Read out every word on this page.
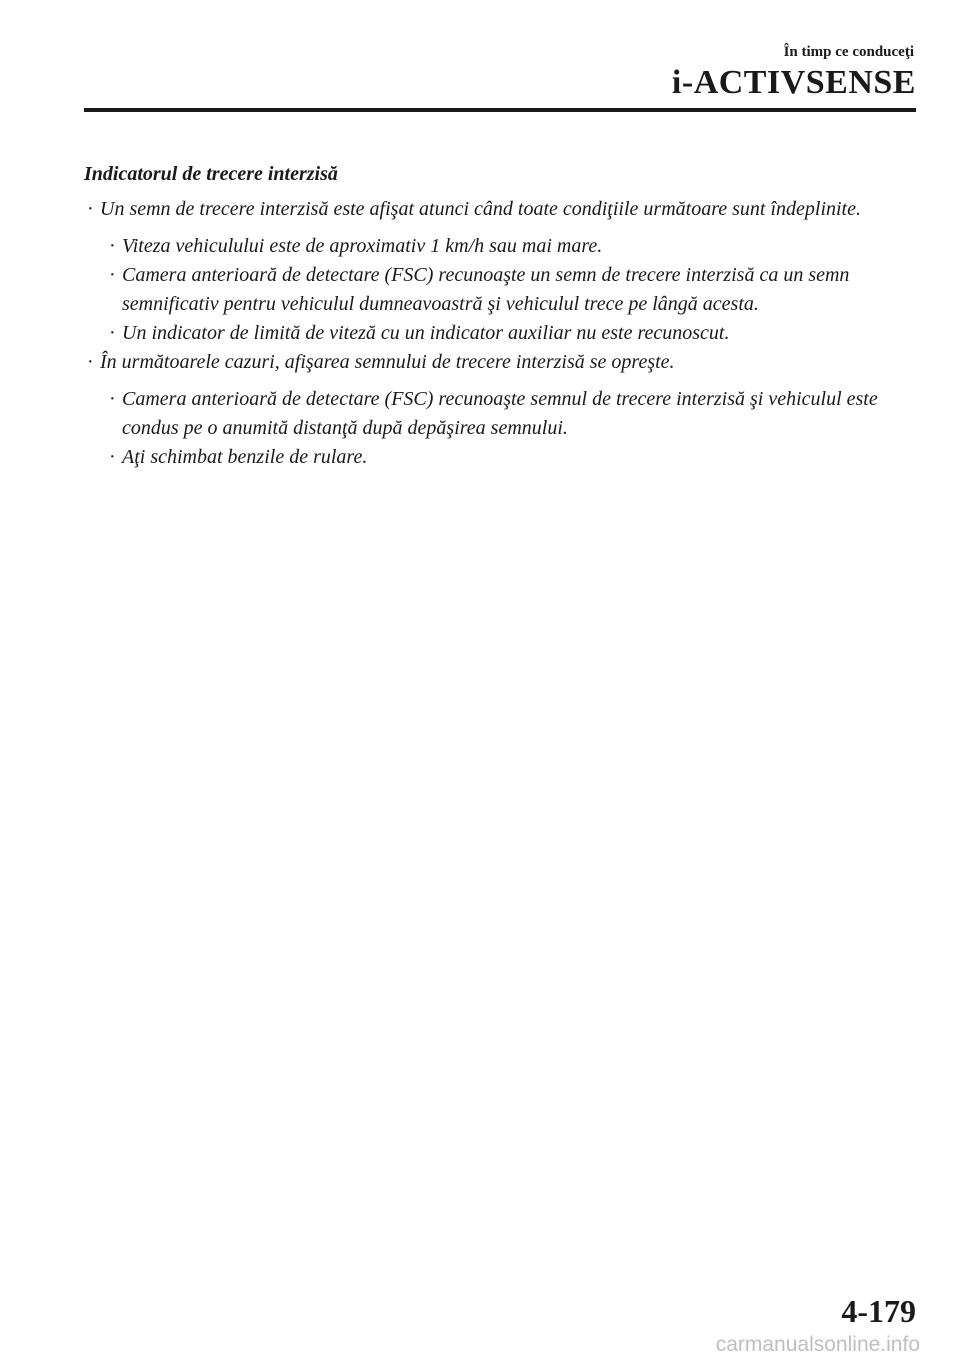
În timp ce conduceţi
i-ACTIVSENSE
Indicatorul de trecere interzisă
· Un semn de trecere interzisă este afişat atunci când toate condiţiile următoare sunt îndeplinite.
· Viteza vehiculului este de aproximativ 1 km/h sau mai mare.
· Camera anterioară de detectare (FSC) recunoaşte un semn de trecere interzisă ca un semn semnificativ pentru vehiculul dumneavoastră şi vehiculul trece pe lângă acesta.
· Un indicator de limită de viteză cu un indicator auxiliar nu este recunoscut.
· În următoarele cazuri, afişarea semnului de trecere interzisă se opreşte.
· Camera anterioară de detectare (FSC) recunoaşte semnul de trecere interzisă şi vehiculul este condus pe o anumită distanţă după depăşirea semnului.
· Aţi schimbat benzile de rulare.
4-179
carmanualsonline.info
